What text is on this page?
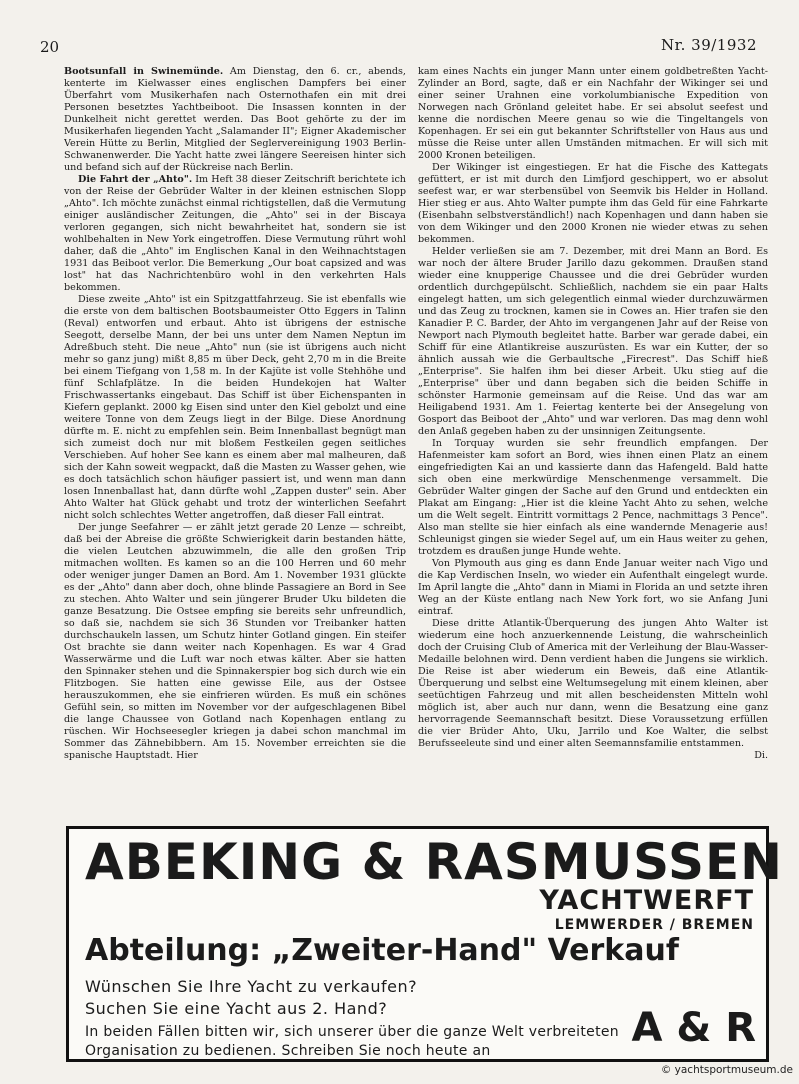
20	Nr. 39/1932

Bootsunfall in Swinemünde. Am Dienstag, den 6. cr., abends, kenterte im Kielwasser eines englischen Dampfers bei einer Überfahrt vom Musikerhafen nach Osternothafen ein mit drei Personen besetztes Yachtbeiboot. Die Insassen konnten in der Dunkelheit nicht gerettet werden. Das Boot gehörte zu der im Musikerhafen liegenden Yacht „Salamander II"; Eigner Akademischer Verein Hütte zu Berlin, Mitglied der Seglervereinigung 1903 Berlin-Schwanenwerder. Die Yacht hatte zwei längere Seereisen hinter sich und befand sich auf der Rückreise nach Berlin.

Die Fahrt der „Ahto". Im Heft 38 dieser Zeitschrift berichtete ich von der Reise der Gebrüder Walter in der kleinen estnischen Slopp „Ahto". Ich möchte zunächst einmal richtigstellen, daß die Vermutung einiger ausländischer Zeitungen, die „Ahto" sei in der Biscaya verloren gegangen, sich nicht bewahrheitet hat, sondern sie ist wohlbehalten in New York eingetroffen. Diese Vermutung rührt wohl daher, daß die „Ahto" im Englischen Kanal in den Weihnachtstagen 1931 das Beiboot verlor. Die Bemerkung „Our boat capsized and was lost" hat das Nachrichtenbüro wohl in den verkehrten Hals bekommen.

Diese zweite „Ahto" ist ein Spitzgattfahrzeug. Sie ist ebenfalls wie die erste von dem baltischen Bootsbaumeister Otto Eggers in Talinn (Reval) entworfen und erbaut. Ahto ist übrigens der estnische Seegott, derselbe Mann, der bei uns unter dem Namen Neptun im Adreßbuch steht. Die neue „Ahto" nun (sie ist übrigens auch nicht mehr so ganz jung) mißt 8,85 m über Deck, geht 2,70 m in die Breite bei einem Tiefgang von 1,58 m. In der Kajüte ist volle Stehhöhe und fünf Schlafplätze. In die beiden Hundekojen hat Walter Frischwassertanks eingebaut. Das Schiff ist über Eichenspanten in Kiefern geplankt. 2000 kg Eisen sind unter den Kiel gebolzt und eine weitere Tonne von dem Zeugs liegt in der Bilge. Diese Anordnung dürfte m. E. nicht zu empfehlen sein. Beim Innenballast begnügt man sich zumeist doch nur mit bloßem Festkeilen gegen seitliches Verschieben. Auf hoher See kann es einem aber mal malheuren, daß sich der Kahn soweit wegpackt, daß die Masten zu Wasser gehen, wie es doch tatsächlich schon häufiger passiert ist, und wenn man dann losen Innenballast hat, dann dürfte wohl „Zappen duster" sein. Aber Ahto Walter hat Glück gehabt und trotz der winterlichen Seefahrt nicht solch schlechtes Wetter angetroffen, daß dieser Fall eintrat.

Der junge Seefahrer — er zählt jetzt gerade 20 Lenze — schreibt, daß bei der Abreise die größte Schwierigkeit darin bestanden hätte, die vielen Leutchen abzuwimmeln, die alle den großen Trip mitmachen wollten. Es kamen so an die 100 Herren und 60 mehr oder weniger junger Damen an Bord. Am 1. November 1931 glückte es der „Ahto" dann aber doch, ohne blinde Passagiere an Bord in See zu stechen. Ahto Walter und sein jüngerer Bruder Uku bildeten die ganze Besatzung. Die Ostsee empfing sie bereits sehr unfreundlich, so daß sie, nachdem sie sich 36 Stunden vor Treibanker hatten durchschaukeln lassen, um Schutz hinter Gotland gingen. Ein steifer Ost brachte sie dann weiter nach Kopenhagen. Es war 4 Grad Wasserwärme und die Luft war noch etwas kälter. Aber sie hatten den Spinnaker stehen und die Spinnakerspier bog sich durch wie ein Flitzbogen. Sie hatten eine gewisse Eile, aus der Ostsee herauszukommen, ehe sie einfrieren würden. Es muß ein schönes Gefühl sein, so mitten im November vor der aufgeschlagenen Bibel die lange Chaussee von Gotland nach Kopenhagen entlang zu rüschen. Wir Hochseesegler kriegen ja dabei schon manchmal im Sommer das Zähnebibbern. Am 15. November erreichten sie die spanische Hauptstadt. Hier

kam eines Nachts ein junger Mann unter einem goldbetreßten Yacht-Zylinder an Bord, sagte, daß er ein Nachfahr der Wikinger sei und einer seiner Urahnen eine vorkolumbianische Expedition von Norwegen nach Grönland geleitet habe. Er sei absolut seefest und kenne die nordischen Meere genau so wie die Tingeltangels von Kopenhagen. Er sei ein gut bekannter Schriftsteller von Haus aus und müsse die Reise unter allen Umständen mitmachen. Er will sich mit 2000 Kronen beteiligen.

Der Wikinger ist eingestiegen. Er hat die Fische des Kattegats gefüttert, er ist mit durch den Limfjord geschippert, wo er absolut seefest war, er war sterbensübel von Seemvik bis Helder in Holland. Hier stieg er aus. Ahto Walter pumpte ihm das Geld für eine Fahrkarte (Eisenbahn selbstverständlich!) nach Kopenhagen und dann haben sie von dem Wikinger und den 2000 Kronen nie wieder etwas zu sehen bekommen.

Helder verließen sie am 7. Dezember, mit drei Mann an Bord. Es war noch der ältere Bruder Jarillo dazu gekommen. Draußen stand wieder eine knupperige Chaussee und die drei Gebrüder wurden ordentlich durchgepülscht. Schließlich, nachdem sie ein paar Halts eingelegt hatten, um sich gelegentlich einmal wieder durchzuwärmen und das Zeug zu trocknen, kamen sie in Cowes an. Hier trafen sie den Kanadier P. C. Barder, der Ahto im vergangenen Jahr auf der Reise von Newport nach Plymouth begleitet hatte. Barber war gerade dabei, ein Schiff für eine Atlantikreise auszurüsten. Es war ein Kutter, der so ähnlich aussah wie die Gerbaultsche „Firecrest". Das Schiff hieß „Enterprise". Sie halfen ihm bei dieser Arbeit. Uku stieg auf die „Enterprise" über und dann begaben sich die beiden Schiffe in schönster Harmonie gemeinsam auf die Reise. Und das war am Heiligabend 1931. Am 1. Feiertag kenterte bei der Ansegelung von Gosport das Beiboot der „Ahto" und war verloren. Das mag denn wohl den Anlaß gegeben haben zu der unsinnigen Zeitungsente.

In Torquay wurden sie sehr freundlich empfangen. Der Hafenmeister kam sofort an Bord, wies ihnen einen Platz an einem eingefriedigten Kai an und kassierte dann das Hafengeld. Bald hatte sich oben eine merkwürdige Menschenmenge versammelt. Die Gebrüder Walter gingen der Sache auf den Grund und entdeckten ein Plakat am Eingang: „Hier ist die kleine Yacht Ahto zu sehen, welche um die Welt segelt. Eintritt vormittags 2 Pence, nachmittags 3 Pence". Also man stellte sie hier einfach als eine wandernde Menagerie aus! Schleunigst gingen sie wieder Segel auf, um ein Haus weiter zu gehen, trotzdem es draußen junge Hunde wehte.

Von Plymouth aus ging es dann Ende Januar weiter nach Vigo und die Kap Verdischen Inseln, wo wieder ein Aufenthalt eingelegt wurde. Im April langte die „Ahto" dann in Miami in Florida an und setzte ihren Weg an der Küste entlang nach New York fort, wo sie Anfang Juni eintraf.

Diese dritte Atlantik-Überquerung des jungen Ahto Walter ist wiederum eine hoch anzuerkennende Leistung, die wahrscheinlich doch der Cruising Club of America mit der Verleihung der Blau-Wasser-Medaille belohnen wird. Denn verdient haben die Jungens sie wirklich. Die Reise ist aber wiederum ein Beweis, daß eine Atlantik-Überquerung und selbst eine Weltumsegelung mit einem kleinen, aber seetüchtigen Fahrzeug und mit allen bescheidensten Mitteln wohl möglich ist, aber auch nur dann, wenn die Besatzung eine ganz hervorragende Seemannschaft besitzt. Diese Voraussetzung erfüllen die vier Brüder Ahto, Uku, Jarrilo und Koe Walter, die selbst Berufsseeleute sind und einer alten Seemannsfamilie entstammen.

Di.

ABEKING & RASMUSSEN
YACHTWERFT
LEMWERDER / BREMEN
Abteilung: „Zweiter-Hand" Verkauf
Wünschen Sie Ihre Yacht zu verkaufen?
Suchen Sie eine Yacht aus 2. Hand?
In beiden Fällen bitten wir, sich unserer über die ganze Welt verbreiteten Organisation zu bedienen. Schreiben Sie noch heute an	A & R
© yachtsportmuseum.de
